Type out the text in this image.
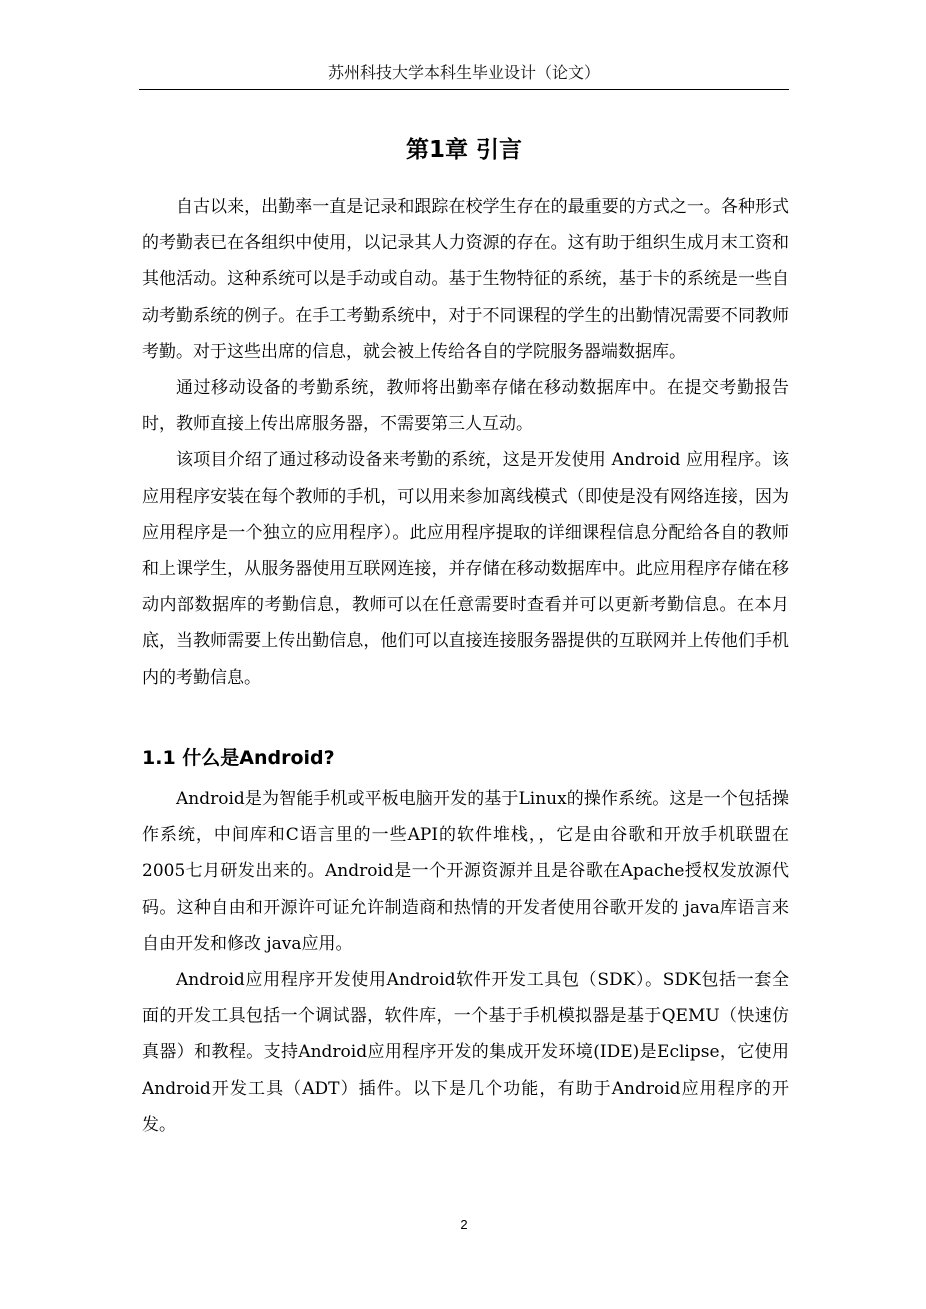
苏州科技大学本科生毕业设计（论文）
第1章 引言

自古以来，出勤率一直是记录和跟踪在校学生存在的最重要的方式之一。各种形式的考勤表已在各组织中使用，以记录其人力资源的存在。这有助于组织生成月末工资和其他活动。这种系统可以是手动或自动。基于生物特征的系统，基于卡的系统是一些自动考勤系统的例子。在手工考勤系统中，对于不同课程的学生的出勤情况需要不同教师考勤。对于这些出席的信息，就会被上传给各自的学院服务器端数据库。

通过移动设备的考勤系统，教师将出勤率存储在移动数据库中。在提交考勤报告时，教师直接上传出席服务器，不需要第三人互动。

该项目介绍了通过移动设备来考勤的系统，这是开发使用 Android 应用程序。该应用程序安装在每个教师的手机，可以用来参加离线模式（即使是没有网络连接，因为应用程序是一个独立的应用程序）。此应用程序提取的详细课程信息分配给各自的教师和上课学生，从服务器使用互联网连接，并存储在移动数据库中。此应用程序存储在移动内部数据库的考勤信息，教师可以在任意需要时查看并可以更新考勤信息。在本月底，当教师需要上传出勤信息，他们可以直接连接服务器提供的互联网并上传他们手机内的考勤信息。

1.1 什么是Android?

Android是为智能手机或平板电脑开发的基于Linux的操作系统。这是一个包括操作系统，中间库和C语言里的一些API的软件堆栈，，它是由谷歌和开放手机联盟在2005七月研发出来的。Android是一个开源资源并且是谷歌在Apache授权发放源代码。这种自由和开源许可证允许制造商和热情的开发者使用谷歌开发的 java库语言来自由开发和修改 java应用。

Android应用程序开发使用Android软件开发工具包（SDK）。SDK包括一套全面的开发工具包括一个调试器，软件库，一个基于手机模拟器是基于QEMU（快速仿真器）和教程。支持Android应用程序开发的集成开发环境(IDE)是Eclipse，它使用Android开发工具（ADT）插件。以下是几个功能，有助于Android应用程序的开发。

2
